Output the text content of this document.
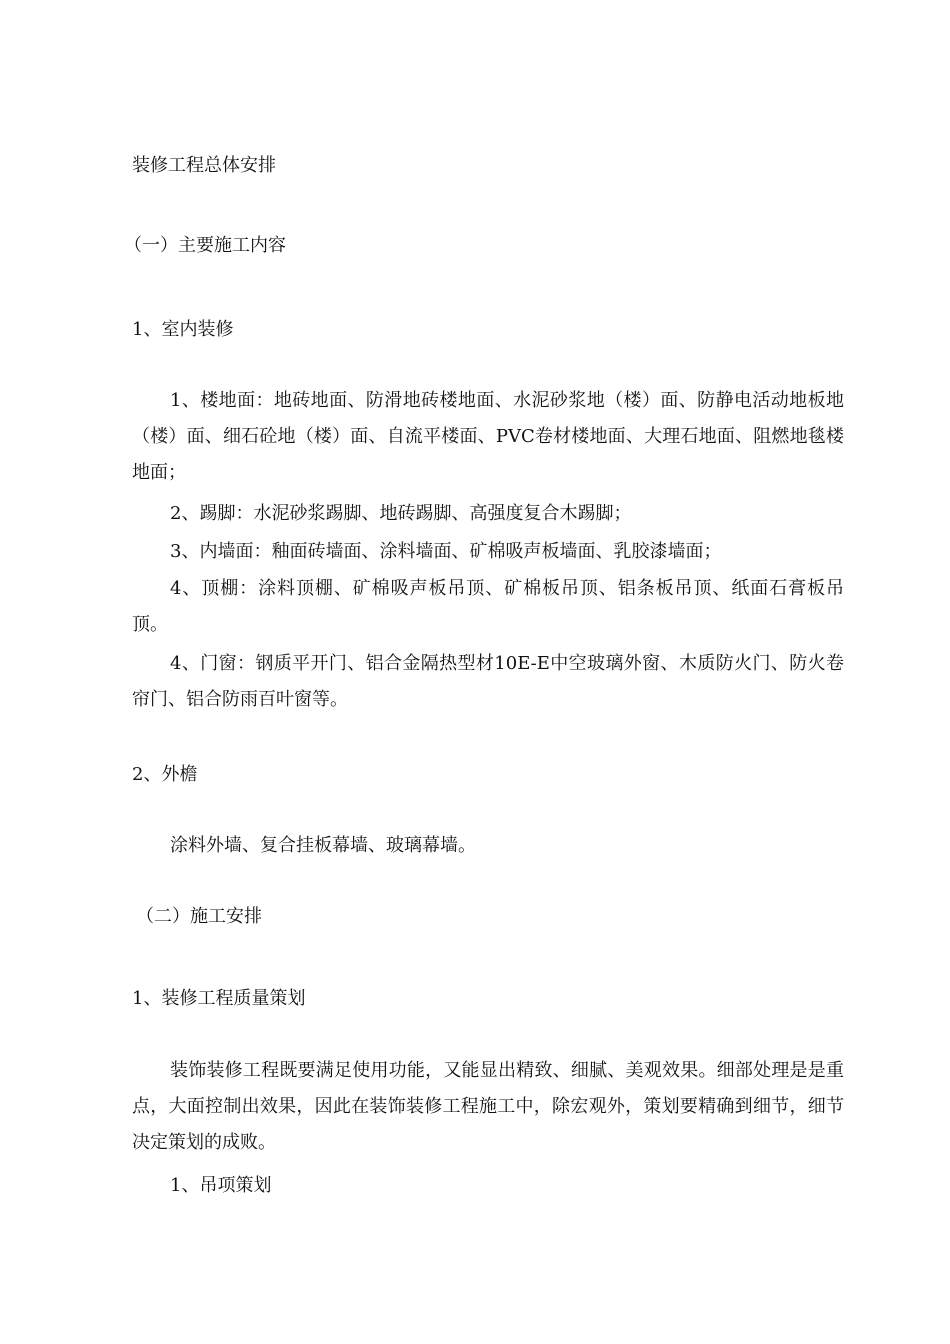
装修工程总体安排
（一）主要施工内容
1、室内装修
1、楼地面：地砖地面、防滑地砖楼地面、水泥砂浆地（楼）面、防静电活动地板地（楼）面、细石砼地（楼）面、自流平楼面、PVC卷材楼地面、大理石地面、阻燃地毯楼地面；
2、踢脚：水泥砂浆踢脚、地砖踢脚、高强度复合木踢脚；
3、内墙面：釉面砖墙面、涂料墙面、矿棉吸声板墙面、乳胶漆墙面；
4、顶棚：涂料顶棚、矿棉吸声板吊顶、矿棉板吊顶、铝条板吊顶、纸面石膏板吊顶。
4、门窗：钢质平开门、铝合金隔热型材10E-E中空玻璃外窗、木质防火门、防火卷帘门、铝合防雨百叶窗等。
2、外檐
涂料外墙、复合挂板幕墙、玻璃幕墙。
（二）施工安排
1、装修工程质量策划
装饰装修工程既要满足使用功能，又能显出精致、细腻、美观效果。细部处理是是重点，大面控制出效果，因此在装饰装修工程施工中，除宏观外，策划要精确到细节，细节决定策划的成败。
1、吊项策划
